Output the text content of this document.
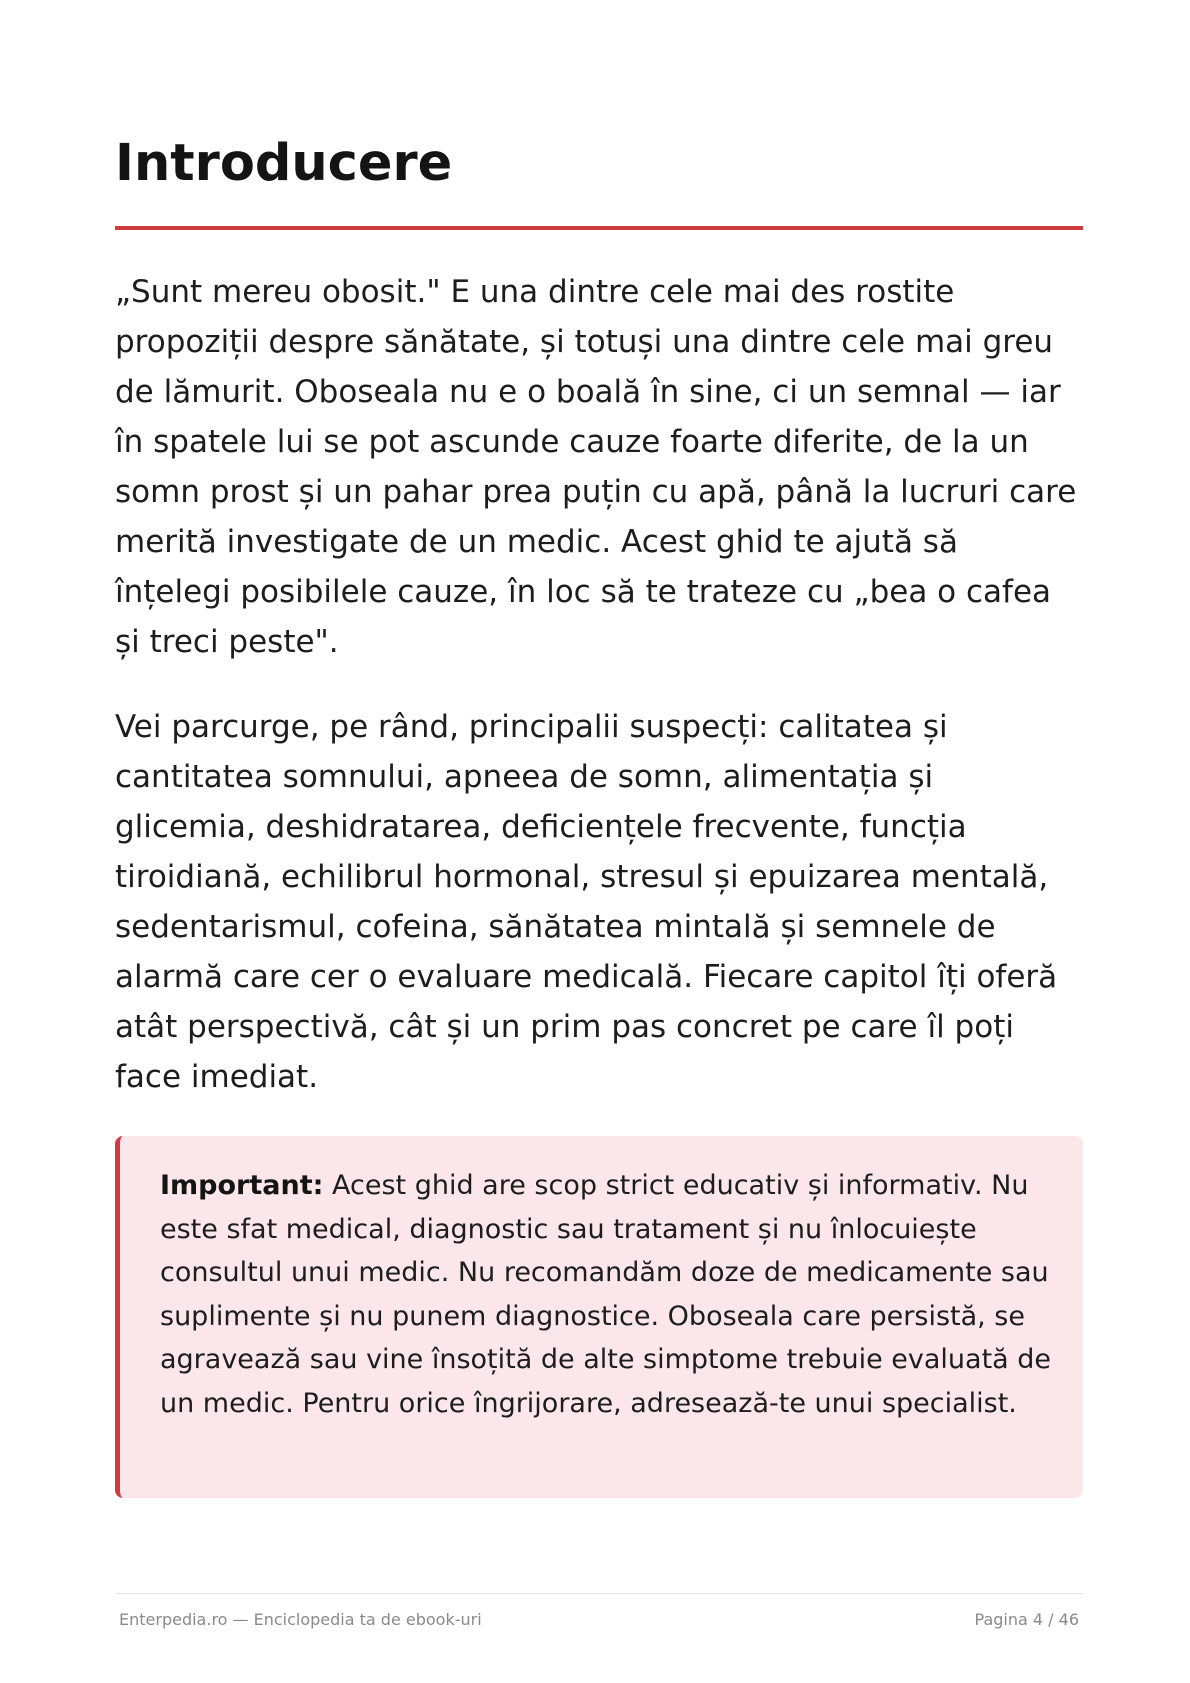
Introducere

„Sunt mereu obosit." E una dintre cele mai des rostite propoziții despre sănătate, și totuși una dintre cele mai greu de lămurit. Oboseala nu e o boală în sine, ci un semnal — iar în spatele lui se pot ascunde cauze foarte diferite, de la un somn prost și un pahar prea puțin cu apă, până la lucruri care merită investigate de un medic. Acest ghid te ajută să înțelegi posibilele cauze, în loc să te trateze cu „bea o cafea și treci peste".

Vei parcurge, pe rând, principalii suspecți: calitatea și cantitatea somnului, apneea de somn, alimentația și glicemia, deshidratarea, deficiențele frecvente, funcția tiroidiană, echilibrul hormonal, stresul și epuizarea mentală, sedentarismul, cofeina, sănătatea mintală și semnele de alarmă care cer o evaluare medicală. Fiecare capitol îți oferă atât perspectivă, cât și un prim pas concret pe care îl poți face imediat.

Important: Acest ghid are scop strict educativ și informativ. Nu este sfat medical, diagnostic sau tratament și nu înlocuiește consultul unui medic. Nu recomandăm doze de medicamente sau suplimente și nu punem diagnostice. Oboseala care persistă, se agravează sau vine însoțită de alte simptome trebuie evaluată de un medic. Pentru orice îngrijorare, adresează-te unui specialist.

Enterpedia.ro — Enciclopedia ta de ebook-uri	Pagina 4 / 46
